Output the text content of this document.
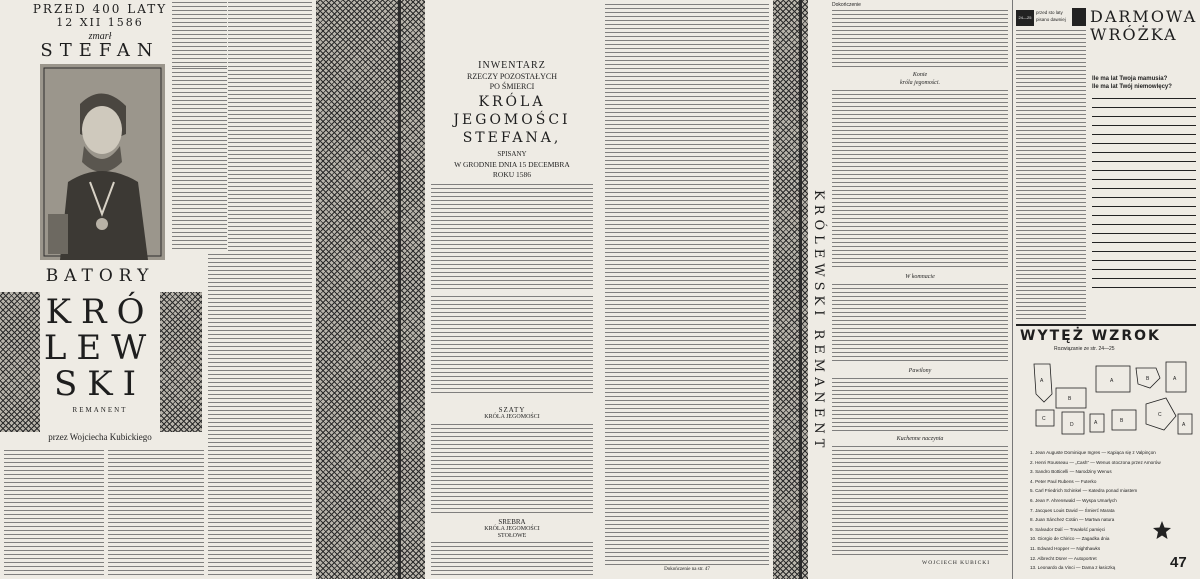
PRZED 400 LATY
12 XII 1586
zmarł
STEFAN
BATORY
KRÓ
LEW
SKI
REMANENT
przez Wojciecha Kubickiego
INWENTARZ
RZECZY POZOSTAŁYCH
PO ŚMIERCI
KRÓLA
JEGOMOŚCI
STEFANA,
SPISANY
W GRODNIE DNIA 15 DECEMBRA
ROKU 1586
SZATY
KRÓLA JEGOMOŚCI
SREBRA
KRÓLA JEGOMOŚCI
STOŁOWE
Dokończenie na str. 47
KRÓLEWSKI REMANENT
Dokończenie
Konie
króla jegomości.
W komnacie
Pawilony
Kuchenne naczynia
WOJCIECH KUBICKI
24—25
przed sto laty
pisano dawniej DARMOWA WRÓŻKA
Ile ma lat Twoja mamusia?
Ile ma lat Twój niemowlęcy?
WYTĘŻ WZROK
Rozwiązanie ze str. 24—25
A
B
A	B	A
C
D	A	B
C
A
1. Jean Auguste Dominique Ingres — Kąpiąca się z Valpinçon
2. Henri Rousseau — „Cash” — Wenus otoczona przez Amorów
3. Sandro Botticelli — Narodziny Wenus
4. Peter Paul Rubens — Futerko
5. Carl Friedrich Schinkel — Katedra ponad miastem
6. Jean F. Ahrenswald — Wyspa Umarłych
7. Jacques Louis David — Śmierć Marata
8. Juan Sánchez Cotán — Martwa natura
9. Salvador Dalí — Trwałość pamięci
10. Giorgio de Chirico — Zagadka dnia
11. Edward Hopper — Nighthawks
12. Albrecht Dürer — Autoportret
13. Leonardo da Vinci — Dama z łasiczką	47
